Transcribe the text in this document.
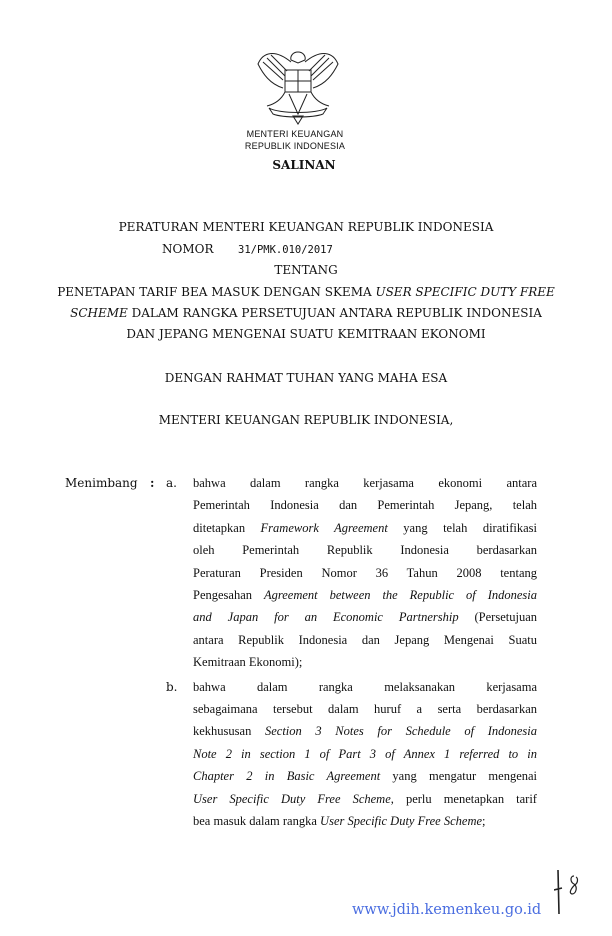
MENTERI KEUANGAN
REPUBLIK INDONESIA
SALINAN
PERATURAN MENTERI KEUANGAN REPUBLIK INDONESIA
NOMOR 31/PMK.010/2017
TENTANG
PENETAPAN TARIF BEA MASUK DENGAN SKEMA USER SPECIFIC DUTY FREE
SCHEME DALAM RANGKA PERSETUJUAN ANTARA REPUBLIK INDONESIA
DAN JEPANG MENGENAI SUATU KEMITRAAN EKONOMI
DENGAN RAHMAT TUHAN YANG MAHA ESA
MENTERI KEUANGAN REPUBLIK INDONESIA,
Menimbang : a. bahwa dalam rangka kerjasama ekonomi antara
Pemerintah Indonesia dan Pemerintah Jepang, telah
ditetapkan Framework Agreement yang telah diratifikasi
oleh Pemerintah Republik Indonesia berdasarkan
Peraturan Presiden Nomor 36 Tahun 2008 tentang
Pengesahan Agreement between the Republic of Indonesia
and Japan for an Economic Partnership (Persetujuan
antara Republik Indonesia dan Jepang Mengenai Suatu
Kemitraan Ekonomi);
b. bahwa dalam rangka melaksanakan kerjasama
sebagaimana tersebut dalam huruf a serta berdasarkan
kekhususan Section 3 Notes for Schedule of Indonesia
Note 2 in section 1 of Part 3 of Annex 1 referred to in
Chapter 2 in Basic Agreement yang mengatur mengenai
User Specific Duty Free Scheme, perlu menetapkan tarif
bea masuk dalam rangka User Specific Duty Free Scheme;
www.jdih.kemenkeu.go.id
